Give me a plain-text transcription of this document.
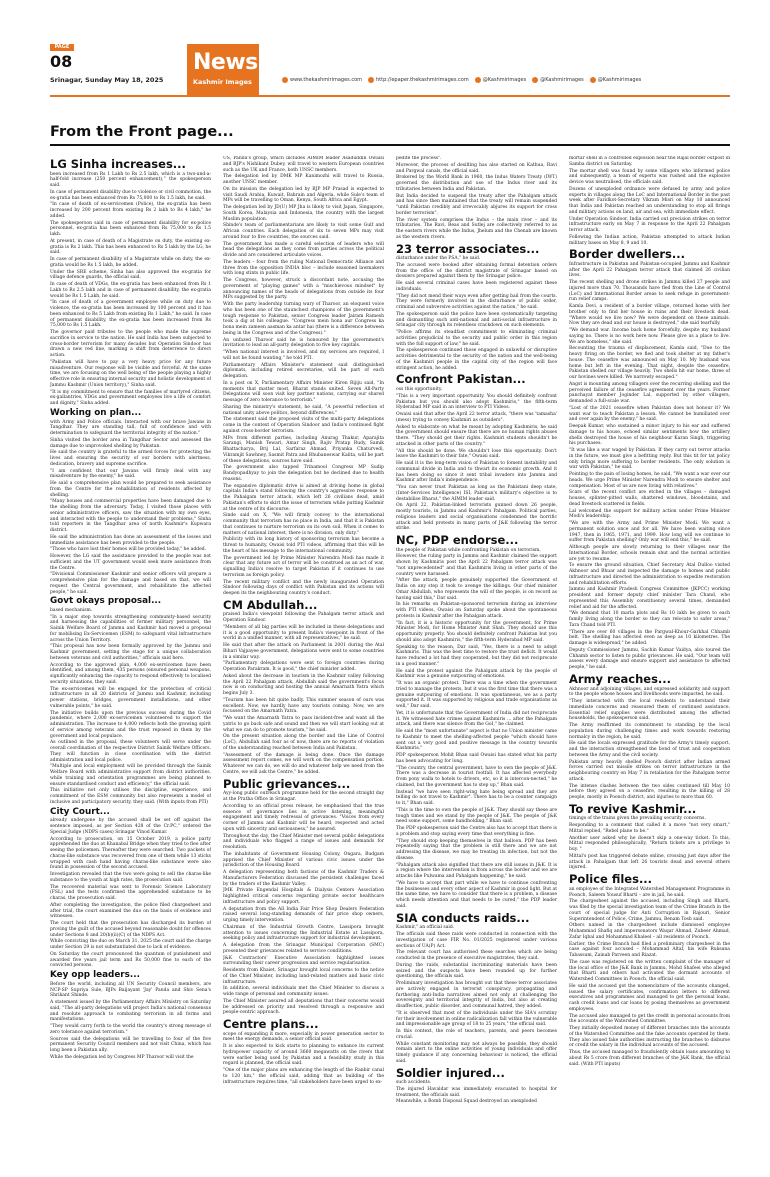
PAGE
08
Srinagar, Sunday May 18, 2025
News
Kashmir Images	www.thekashmirimages.com	http://epaper.thekashmirimages.com	@Kashmirimages	@Kashmirimages	@Kashmirimages
From the Front page...
LG Sinha increases...
been increased from Rs 1 Lakh to Rs 2.5 lakh, which is a two-and-a-half-fold increase (250 percent enhancement)," the spokesperson said.
In case of permanent disability due to violence or civil commotion, the ex-gratia has been enhanced from Rs 75,000 to Rs 1.5 lakh, he said.
"In case of death of ex-servicemen (Police), the ex-gratia has been increased by 200 percent from existing Rs 2 lakh to Rs 4 lakh," he added.
The spokesperson said in case of permanent disability for ex-police personnel, ex-gratia has been enhanced from Rs 75,000 to Rs 1.5 lakh.
At present, in case of death of a Magistrate on duty, the existing ex-gratia is Rs 2 lakh. This has been enhanced to Rs 5 lakh by the LG, he said.
In case of permanent disability of a Magistrate while on duty, the ex-gratia would be Rs 1.5 lakh, he added.
Under the SRE scheme, Sinha has also approved the ex-gratia for village defence guards, the official said.
In case of death of VDGs, the ex-gratia has been enhanced from Rs 1 Lakh to Rs 2.5 lakh and in case of permanent disability, the ex-gratia would be Rs 1.5 Lakh, he said.
"In case of death of a government employee while on duty due to violence, the ex-gratia has been increased by 100 percent and it has been enhanced to Rs 5 Lakh from existing Rs 1 Lakh," he said. In case of permanent disability, the ex-gratia has been increased from Rs 75,000 to Rs 1.5 Lakh.
The governor paid tributes to the people who made the supreme sacrifice in service to the nation. He said India has been subjected to cross-border terrorism for many decades but Operation Sindoor has drawn a new red line, marking a shift from deterrence to direct action.
"Pakistan will have to pay a very heavy price for any future misadventure. Our response will be visible and forceful. At the same time, we are focusing on the well being of the people playing a highly effective role in ensuring internal security and holistic development of Jammu Kashmir (Union territory)," Sinha said.
"It is my commitment to ensure that the families of martyred citizens, ex-gallantries, VDGs and government employees live a life of comfort and dignity," Sinha added.
Working on plan...
with Army and Police officials. Interacted with our brave Jawans in Tangdhar. They are standing tall, full of confidence and with determination to safeguard the territorial integrity of the nation."
Sinha visited the border area in Tangdhar Sector and assessed the damage due to unprovoked shelling by Pakistan.
He said the country is grateful to the armed forces for protecting the lives and ensuring the security of our borders with alertness, dedication, bravery and supreme sacrifice.
"I am confident that our Jawans will firmly deal with any misadventure by the enemy," he said.
He said a comprehensive plan would be prepared to seek assistance from the Centre for the rehabilitation of residents affected by shelling.
"Many houses and commercial properties have been damaged due to the shelling from the adversary. Today, I visited those places with senior administrative officers, saw the situation with my own eyes, and interacted with the people to understand their problems," Sinha told reporters in the Tangdhar area of north Kashmir's Kupwara district.
He said the administration has done an assessment of the losses and immediate assistance has been provided to the people.
"Those who have lost their homes will be provided today," he added.
However, the LG said the assistance provided to the people was not sufficient and the UT government would seek more assistance from the Centre.
"Divisional Commissioner Kashmir and senior officers will prepare a comprehensive plan for the damage and based on that, we will request the Central government, and rehabilitate the affected people," he said.
Govt okays proposal...
based mechanism.
"In a major step towards strengthening community-based security and harnessing the capabilities of former military personnel, the Sainik Welfare Board of Jammu and Kashmir had moved a proposal for mobilising Ex-Servicemen (ESM) to safeguard vital infrastructure across the Union Territory.
"This proposal has now been formally approved by the Jammu and Kashmir government, setting the stage for a unique collaboration between veterans and civil authorities," officials said here.
According to the approved plan, 4,000 ex-servicemen have been identified, and among them, 435 persons (ensured personal weapons, significantly enhancing the capacity to respond effectively to localised security situations, they said.
The ex-servicemen will be engaged for the protection of critical infrastructure in all 20 districts of Jammu and Kashmir, including power stations, bridges, government installations, and other vulnerable points," he said.
The initiative builds upon the previous success during the Covid pandemic, where 2,000 ex-servicemen volunteered to support the administration. The increase to 4,000 reflects both the growing spirit of service among veterans and the trust reposed in them by the government and local populace.
As outlined in the proposal, these volunteers will serve under the overall coordination of the respective District Sainik Welfare Officers. They will function in close coordination with the district administration and local police.
"Multiple and local employment will be provided through the Sainik Welfare Board with administrative support from district authorities, while training and orientation programmes are being planned to ensure standardised conduct and efficiency," the official said.
This initiative not only utilises the discipline, experience, and commitment of the ESM community but also represents a model of inclusive and participatory security, they said. (With inputs from PTI)
City Court...
already undergone by the accused shall be set off against the sentence imposed, as per Section 428 of the Cr.PC," ordered the Special Judge (NDPS cases) Srinagar Vinod Kumar.
According to prosecution, on 15 October 2019, a police party apprehended the duo at Khanabal Bridge when they tried to flee after seeing the policemen. Thereafter they were searched. Two packets of charas-like substance was recovered from one of them while 13 sticks wrapped with cash hand having charas-like substance were also found in possession of the second accused.
Investigation revealed that the two were going to sell the charas-like substance to the youth at high rates, the prosecution said.
The recovered material was sent to Forensic Science Laboratory (FSL) and the tests confirmed the apprehended substance to be charas, the prosecution said.
After completing the investigation, the police filed chargesheet and after trial, the court examined the duo on the basis of evidence and witnesses.
The court held that the prosecution has discharged its burden of proving the guilt of the accused beyond reasonable doubt for offences under Sections 8 and 20(b)(ii)(C) of the NDPS Act.
While convicting the duo on March 31, 2025 the court said the charge under Section 29 is not substantiated due to lack of evidence.
On Saturday the court pronounced the quantum of punishment and awarded five years jail term and Rs 50,000 fine to each of the convicted persons.
Key opp leaders...
Before the world, including all UN Security Council members, are NCP-SP Supriya Sule, BJPs Baijayant 'Jay' Panda and Shiv Sena's Shrikant Shinde.
A statement issued by the Parliamentary Affairs Ministry on Saturday said, "The all-party delegations will project India's national consensus and resolute approach to combating terrorism in all forms and manifestations.
"They would carry forth to the world the country's strong message of zero tolerance against terrorism."
Sources said the delegations will be travelling to four of the five permanent Security Council members and not visit China, which has long been a Pakistan ally.
While the delegation led by Congress MP Tharoor will visit the
US, Panda's group, which includes AIMIM leader Asaduddin Owaisi and BJP's Nishikant Dubey, will travel to western European countries such as the UK and France, both UNSC members.
The delegation led by DMK MP Kanimozhi will travel to Russia, another UNSC member.
On its mission the delegation led by BJP MP Prasad is expected to visit Saudi Arabia, Kuwait, Bahrain and Algeria, while Sule's team of MPs will be travelling to Oman, Kenya, South Africa and Egypt.
The delegation led by JD(U) MP Jha is likely to visit Japan, Singapore, South Korea, Malaysia and Indonesia, the country with the largest Muslim population.
Shinde's team of parliamentarians are likely to visit some Gulf and African countries. Each delegation of six to seven MPs may visit around four to five countries, the sources said.
The government has made a careful selection of leaders who will head the delegations as they come from parties across the political divide and are considered articulate voices.
The leaders – four from the ruling National Democratic Alliance and three from the opposition INDIA bloc – include seasoned lawmakers with long stints in public life.
The Congress, however, struck a discordant note, accusing the government of "playing games" with a "mischievous mindset" by announcing names of the heads of delegations from outside its four MPs suggested by the party.
With the party leadership turning wary of Tharoor, an eloquent voice who has been one of the staunchest champions of the government's tough response to Pakistan, senior Congress leader Jairam Ramesh took a dig at his colleague. "Congress mein hona aur Congress ka hona mein zameen aasman ka antar hai (there is a difference between being in the Congress and of the Congress)."
An unfazed Tharoor said he is honoured by the government's invitation to lead an all-party delegation to five key capitals.
"When national interest is involved, and my services are required, I will not be found wanting," he told PTI.
Parliamentary Affairs Minister's statement said distinguished diplomats, including retired secretaries, will be part of each delegation.
In a post on X, Parliamentary Affairs Minister Kiren Rijiju said, "In moments that matter most, Bharat stands united. Seven All-Party Delegations will soon visit key partner nations, carrying our shared message of zero tolerance to terrorism."
Sharing the ministry's statement, he said, "A powerful reflection of national unity above politics, beyond differences."
The statement said the proposed visits of the multi-party delegations come in the context of Operation Sindoor and India's continued fight against cross-border terrorism.
MPs from different parties, including Anurag Thakur, Aparajita Sarangi, Manish Tewari, Amar Singh, Rajiv Pratap Rudy, Samik Bhattacharya, Brij Lal, Sarfaraz Ahmad, Priyanka Chaturvedi, Vikramjit Sawhney, Sasmit Patra and Bhubaneswar Kalita, will be part of these delegations, sources have said.
The government also tapped Trinamool Congress MP Sudip Bandyopadhyay to join the delegation but he declined due to health reasons.
The expansive diplomatic drive is aimed at driving home in global capitals India's stand following the country's aggressive response to the Pahalgam terror attack, which left 26 civilians dead, amid Pakistan's efforts to skirt the issue of terrorism while putting Kashmir at the centre of its discourse.
Sinde said on X, "We will firmly convey to the international community that terrorism has no place in India, and that it is Pakistan that continues to nurture terrorism on its own soil. When it comes to matters of national interest, there is no division, only duty."
Publicity with its long history of sponsoring terrorism has become a threat to humanity, Owaisi told PTI videos, affirming that this will be the heart of his message to the international community.
The government led by Prime Minister Narendra Modi has made it clear that any future act of terror will be construed as an act of war, signalling India's resolve to target Pakistan if it continues to use terrorism as foreign policy.
The recent military conflict and the newly inaugurated Operation Sindoor following days of conflict with Pakistan and its actions will deepen its the neighbouring country's conduct.
CM Abdullah...
praised India's viewpoint following the Pahalgam terror attack and Operation Sindoor.
"Members of all big parties will be included in these delegations and it is a good opportunity to present India's viewpoint in front of the world in a unified manner, with all representatives," he said.
He said that after the attack on Parliament in 2001 during the Atal Bihari Vajpayee government, delegations were sent to some countries in a similar way.
"Parliamentary delegations were sent to foreign countries during Operation Parakram. It is good," the chief minister added.
Asked about the decrease in tourism in the Kashmir valley following the April 22 Pahalgam attack, Abdullah said the government's focus now is on conducting and hosting the annual Amarnath Yatra which begins July 3.
"Tourism has been hit quite badly. This summer season of ours was excellent. Now, we hardly have any tourists coming. Now, we are focussed on the Amarnath Yatra.
"We want the Amarnath Yatra to pass incident-free and want all the yatris to go back safe and sound and then we will start looking out at what we can do to promote tourism," he said.
On the present situation along the border and the Line of Control (LoC), Abdullah said four as of now, there are no reports of violation of the understanding reached between India and Pakistan.
"Assessment of the damage is being done. Once the damage assessment report comes, we will work on the compensation portion. Whatever we can do, we will do and whatever help we need from the Centre, we will ask the Centre," he added.
Public grievances...
Ayy-long public outreach programme held for the second straight day at the Pratha Office in Srinagar.
According to an official press release, he emphasised that the true essence of governance lies in active listening, meaningful engagement and timely redressal of grievances. "Voices from every corner of Jammu and Kashmir will be heard, respected and acted upon with sincerity and seriousness," he assured.
Throughout the day, the Chief Minister met several public delegations and individuals who flagged a range of issues and demands for resolution.
The inhabitants of Government Housing Colony, Ongara, Budgam apprised the Chief Minister of various civic issues under the jurisdiction of the Housing Board.
A delegation representing both factions of the Kashmir Traders & Manufacturers Federation discussed the persistent challenges faced by the traders of the Kashmir Valley.
JMK Private Engendal Hospitals & Dialysis Centers Association highlighted critical concerns regarding private sector healthcare infrastructure and policy support.
A deputation from the All India Fair Price Shop Dealers Federation raised several long-standing demands of fair price shop owners, urging timely intervention.
Chairman of the Industrial Growth Centre, Lassipora brought attention to issues concerning the Industrial Estate at Lassipora, seeking policy and infrastructure support for industrial development.
A delegation from the Srinagar Municipal Corporation (SMC) presented their grievances related to service conditions.
J&K Contractors' Executive Association highlighted issues surrounding their career progression and service regularisation.
Residents from Khaiet, Srinagar brought local concerns to the notice of the Chief Minister, including land-related matters and basic civic infrastructure.
In addition, several individuals met the Chief Minister to discuss a wide range of personal and community issues.
The Chief Minister assured all deputations that their concerns would be addressed on priority and resolved through a responsive and people-centric approach.
Centre plans...
scope of expanding it more, especially in power generation sector to meet the energy demands, a senior official said.
It is also expected to kick starts to planning to enhance its current hydropower capacity of around 3660 megawatts on the rivers that were earlier being used by Pakistan and a feasibility study in this regard is planned, the official said.
"One of the major plans are enhancing the length of the Ranbir canal to 120 km," the official said, adding that as building of the infrastructure requires time, "all stakeholders have been urged to ex-
pedite the process".
Moreover, the process of desilting has also started on Kathua, Ravi and Pargwal canals, the official said.
Brokered by the World Bank in 1960, the Indus Waters Treaty (IWT) governed the distribution and use of the Indus river and its tributaries between India and Pakistan.
But India decided to suspend the treaty after the Pahalgam attack and has since then maintained that the treaty will remain suspended "until Pakistan credibly and irrevocably abjures its support for cross border terrorism".
The river system comprises the Indus – the main river – and its tributaries. The Ravi, Beas and Sutlej are collectively referred to as the eastern rivers while the Indus, Jhelum and the Chenab are known as the western rivers.
23 terror associates...
disturbance under the PSA," he said.
The accused were booked after obtaining formal detention orders from the office of the district magistrate of Srinagar based on dossiers prepared against them by the Srinagar police.
He said several criminal cases have been registered against these individuals.
"They did not mend their ways even after getting bail from the courts. They were formerly involved in the disturbance of public order, criminal and subversive activities against the nation," he said.
The spokesperson said the police have been systematically targeting and dismantling such anti-national and anti-social infrastructure in Srinagar city through its relentless crackdown on such elements.
"Police affirms its steadfast commitment to eliminating criminal activities prejudicial to the security and public order in this region with the full support of law," he said.
The spokesperson continued those engaged in unlawful or disruptive activities detrimental to the security of the nation and the well-being of the Kashmiri people in the capital city of the region will face stringent action, he added.
Confront Pakistan...
oss this opportunity.
"This is a very important opportunity. You should definitely confront Pakistan but you should also adopt Kashmiris," the fifth-term Hyderabad MP said in an interview to PTI Videos.
Owaisi said that after the April 22 terror attack, "there was 'tamasha' (mess) trying to convey Kashmiri as outsiders".
Asked to elaborate on what he meant by adopting Kashmiris, he said the government should ensure that there are no human rights abuses there. "They should get their rights. Kashmiri students shouldn't be attacked in other parts of the country."
"All this should be done. We shouldn't lose this opportunity. Don't leave the Kashmiri to their fate," Owaisi said.
He said it is the long-term vision of Pakistan to foment instability and communal divide in India and to thwart its economic growth. And it has been doing so since it sent tribal invaders into Jammu and Kashmir after India's independence.
"You can never trust Pakistan as long as the Pakistani deep state, (Inter-Services Intelligence) ISI, Pakistan's military's objective is to destabilise Bharat," the AIMIM leader said.
On April 22, Pakistan-linked terrorists gunned down 26 people, mostly tourists, in Jammu and Kashmir's Pahalgam. Political parties, religious leaders and social organisations condemned the horrific attack and held protests in many parts of J&K following the terror strike.
NC, PDP endorse...
the people of Pakistan while confronting Pakistan on terrorism.
However, the ruling party in Jammu and Kashmir claimed the support shown by Kashmiris post the April 22 Pahalgam terror attack was "not unprecedented" and that Kashmiris living in other parts of the country were harassed.
"After the attack, people genuinely supported the Government of India on any step it took to avenge the killings. Our chief minister Omar Abdullah, who represents the will of the people, is on record as having said this," Dar said.
In his remarks on Pakistan-sponsored terrorism during an interview with PTI videos, Owaisi on Saturday spoke about the spontaneous protests in Kashmir after the Pahalgam attack.
"In fact, it is a historic opportunity for the government, for Prime Minister Modi, for Home Minister Amit Shah. They should use this opportunity properly. You should definitely confront Pakistan but you should also adopt Kashmiris," the fifth-term Hyderabad MP said.
Speaking to the reason, Dar said, "Yes, there is a need to adopt Kashmiris. This was the best time to restore the trust deficit. It would have reduced a lot had they cooperated, but they did not reciprocate in a good manner."
He said the protest against the Pahalgam attack by the people of Kashmir was a genuine outpouring of emotions.
"It was an organic protest. There was a time when the government tried to manage the protests, but it was the first time that there was a genuine outpouring of emotions. It was spontaneous, we as a party supported it. It was supported by religious and trade organisations as well," Dar said.
Yet, it is unfortunate that the Government of India did not reciprocate it. We witnessed hate crimes against Kashmiris ... after the Pahalgam attack, and there was silence from the GoI," he claimed.
He said the "most unfortunate" aspect is that no Union minister came to Kashmir to meet the shelling-affected people "which should have sent out a very good and positive message in the country towards Kashmiris."
PDP spokesperson Mohit Bhan said Owaisi has stated what his party has been advocating for long.
"The country, the central government, have to own the people of J&K. There was a decrease in tourist footfall. It has affected everybody from pony walla to hotels to drivers, etc, so it is intercon-nected," he claimed, but the government has to step up," Bhan said.
Instead "we have seen right-wing hate being spread and they are telling do not travel to Kashmir". There has to be a counter campaign to it," Bhan said.
"This is the time to own the people of J&K. They should say these are tough times and we stand by the people of J&K. The people of J&K need some support, some handholding," Bhan said.
The PDP spokesperson said the Centre also has to accept that there is a problem and stop saying every time that everything is fine.
"They should stop keeping themselves in that balloon. PDP has been repeatedly saying that the problem is still there and we are not addressing the disease, we may be treating its infection, but not the disease.
"Pahalgam attack also signified that there are still issues in J&K. It is a region where the intervention is from across the border and we are attacks like Pulwama and Pahalgam happening," he said.
"We have to accept that part while we have to continue confronting the businesses and every other aspect of Kashmir in good light. But at the same time, we have to consider that there is a problem, a disease which needs attention and that needs to be cured," the PDP leader said.
SIA conducts raids...
Kashmir," an official said.
The officials said these raids were conducted in connection with the investigation of case FIR No. 01/2025 registered under various sections of UA(P) Act.
The relevant court has authorised these searches which are being conducted in the presence of executive magistrates, they said.
During the raids, substantial incriminating materials have been seized and the suspects have been rounded up for further questioning, the officials said.
Preliminary investigation has brought out that these terror associates are actively engaged in terrorist conspiracy, propagating and furthering anti-India narratives aimed not only at challenging the sovereignty and territorial integrity of India, but also at creating disaffection, public disorder, and communal hatred, they added.
"It is observed that most of the individuals under the SIA's scrutiny for their involvement in online radicalization fall within the vulnerable and impressionable age group of 18 to 25 years," the official said.
In this context, the role of teachers, parents, and peers becomes crucial.
While constant monitoring may not always be possible, they should remain alert to the online activities of young individuals and offer timely guidance if any concerning behaviour is noticed, the official said.
Soldier injured...
such accidents.
The injured Havaldar was immediately evacuated to hospital for treatment, the officials said.
Meanwhile, a Bomb Disposal Squad destroyed an unexploded
mortar shell in a controlled explosion near the Rajal border outpost in Samba district on Saturday.
The mortar shell was found by some villagers who informed police and subsequently, a team of experts was rushed and the explosive device was neutralised, the officials said.
Dozens of unexploded ordnance were defused by army and police experts in villages along the LoC and International Border in the past week after Faridkot-Secretary Vikram Misri on May 10 announced that India and Pakistan reached an understanding to stop all firings and military actions on land, air and sea, with immediate effect.
Under Operation Sindoor, India carried out precision strikes on terror infrastructure early on May 7 in response to the April 22 Pahalgam terror attack.
Following the Indian action, Pakistan attempted to attack Indian military bases on May 8, 9 and 10.
Border dwellers...
Infrastructure in Pakistan and Pakistan-occupied Jammu and Kashmir after the April 22 Pahalgam terror attack that claimed 26 civilian lives.
The recent shelling and drone strikes in Jammu killed 27 people and injured more than 70. Thousands have fled from the Line of Control (LoC) and International Border areas to seek refuge in government-run relief camps.
Kamla Devi, a resident of a border village, returned home with her brother only to find her house in ruins and their livestock dead. "Where would we live now? We were dependent on these animals. Now they are dead and our house is destroyed," she said tearfully.
"We demand war. Income back home forcefully, despite my husband saying no. There is no work here now. Please give us a place to live. We are homeless," she said.
Recounting the trauma of displacement, Kamla said, "Due to the heavy firing on the border, we fled and took shelter at my father's house. The ceasefire was announced on May 10. My husband was home but left in the evening. That night, despite the ceasefire, Pakistan shelled our village heavily. Two shells hit our home, three of our bovines were killed. We narrowly escaped."
Angst is mounting among villagers over the recurring shelling and the perceived failure of the ceasefire agreement over the years. Former panchayat member Joginder Lal, supported by other villagers, demanded a full-scale war.
"Lost of the 2021 ceasefire when Pakistan does not honour it? We want war to teach Pakistan a lesson. We cannot be humiliated over and over again by the enemy," he said.
Deepak Kumar, who sustained a minor injury to his ear and suffered damage to his house, echoed similar sentiments how the artillery shells destroyed the house of his neighbour Karan Singh, triggering his purchases.
"It was like a war waged by Pakistan. If they carry out terror attacks in the future, we must give a befitting reply. But this tit for tat policy only brings more suffering to border residents. The only solution is war with Pakistan," he said.
Pointing to the pain of losing homes, he said, "We want a war over our heads. We urge Prime Minister Narendra Modi to ensure shelter and compensation. Most of us are now living with relatives."
Scars of the recent conflict are etched in the villages – damaged houses, splinter-pitted walls, shattered windows, bloodstains, and dead livestock scattered in fields.
Lal welcomed the support for military action under Prime Minister Modi's leadership.
"We are with the Army and Prime Minister Modi. We want a permanent solution once and for all. We have been waiting since 1947, then in 1965, 1971, and 1999. How long will we continue to suffer from Pakistan shelling? Only war will end this," he said.
Although people are slowly returning to their villages near the International Border, schools remain shut and the normal activities are yet to resume.
To ensure the ground situation, Chief Secretary Atal Dulloo visited Akhnoor and Bhuar and inspected the damage to homes and public infrastructure and directed the administration to expedite restoration and rehabilitation efforts.
Jammu and Kashmir Pradesh Congress Committee (JKPCC) working president and former deputy chief minister Tara Chand, who represented this Assembly constituency several times, demanded relief and aid for the affected.
"We demand that 10 marla plots and Rs 10 lakh be given to each family living along the border so they can relocate to safer areas," Tara Chand told PTI.
"There are over 60 villages in the Pargwal-Khour-Garkhal Chhamb belt. The shelling has affected even as deep as 10 kilometres. The damage is widespread," he added.
Deputy Commissioner Jammu, Sachin Kumar Vaidya, also toured the Chhamb sector to listen to public grievances. He said, "Our team will assess every damage and ensure support and assistance to affected people," he said.
Army reaches...
Akhnoor and adjoining villages, and expressed solidarity and support to the people whose houses and livelihoods were impacted, he said.
"They interacted with the local residents to understand their immediate concerns and reassured them of continued assistance. Essential relief supplies were distributed among the affected households, the spokesperson said.
The Army reaffirmed its commitment to standing by the local population during challenging times and work towards restoring normalcy in the region, he said.
He said the locals expressed gratitude for the Army's timely support, and the interaction strengthened the bond of trust and cooperation between the Army and the civil society.
Pakistan army heavily shelled Poonch district after Indian armed forces carried out missile strikes on terror infrastructure in the neighbouring country on May 7 in retaliation for the Pahalgam terror attack.
The intense clashes between the two sides continued till May 10 before they agreed on a ceasefire, resulting in the killing of 28 people, mostly in Poonch district, and injuries to more than 60.
To revive Kashmir...
timings of the trains given the prevailing security concerns.
Responding to a comment that called it a move "not very smart," Mittal replied, "Rebel plane to be."
Another user asked why he doesn't skip a one-way ticket. To this, Mittal responded philosophically, "Return tickets are a privilege to buy. "
Mittal's post has triggered debate online, crossing just days after the attack in Pahalgam that left 26 tourists dead and several others injured.
Police files...
an employee of the Integrated Watershed Management Programme in Poonch, Saleem Yousuf Bharti – are in jail, he said.
The chargesheet against the accused, including Singh and Bharti, was filed by the special investigation team of the Crime Branch in the court of special judge for Anti Corruption in Rajouri, Senior Superintendent of Police, Crime, Jammu, Benam Tosh said.
Others named in the chargesheet include dismissed employee Mohammad Shafiq and impersonators Waqar Ahmad, Zubeer Ahmad, Zafar Iqbal and Mohammad Khaleel – all residents of Poonch.
Earlier, the Crime Branch had filed a preliminary chargesheet in the case against four accused – Mohammad Altaf, his wife Ruksana Tabassum, Zainab Parveen and Riazat.
The case was registered on the written complaint of the manager of the local office of the J&K Bank in Jammu, Mohd Shafeei who alleged that Bharti and others had activated the dormant accounts of Watershed Committees in Poonch, the official said.
He said the accused got the nomenclature of the accounts changed, issued the salary certificates, confirmation letters to different executives and programmes and managed to get the personal loans, cash credit loans and car loans by posing themselves as government employees.
The accused also managed to get the credit in personal accounts from the accounts of the Watershed Committee.
They initially deposited money of different branches into the accounts of the Watershed Committee and the fake accounts operated by them. They also issued fake authorities instructing the branches to disburse or credit the salary in the individual accounts of the accused.
Thus, the accused managed to fraudulently obtain loans amounting to about Rs 5 crore from different branches of the J&K Bank, the official said. (With PTI inputs)
